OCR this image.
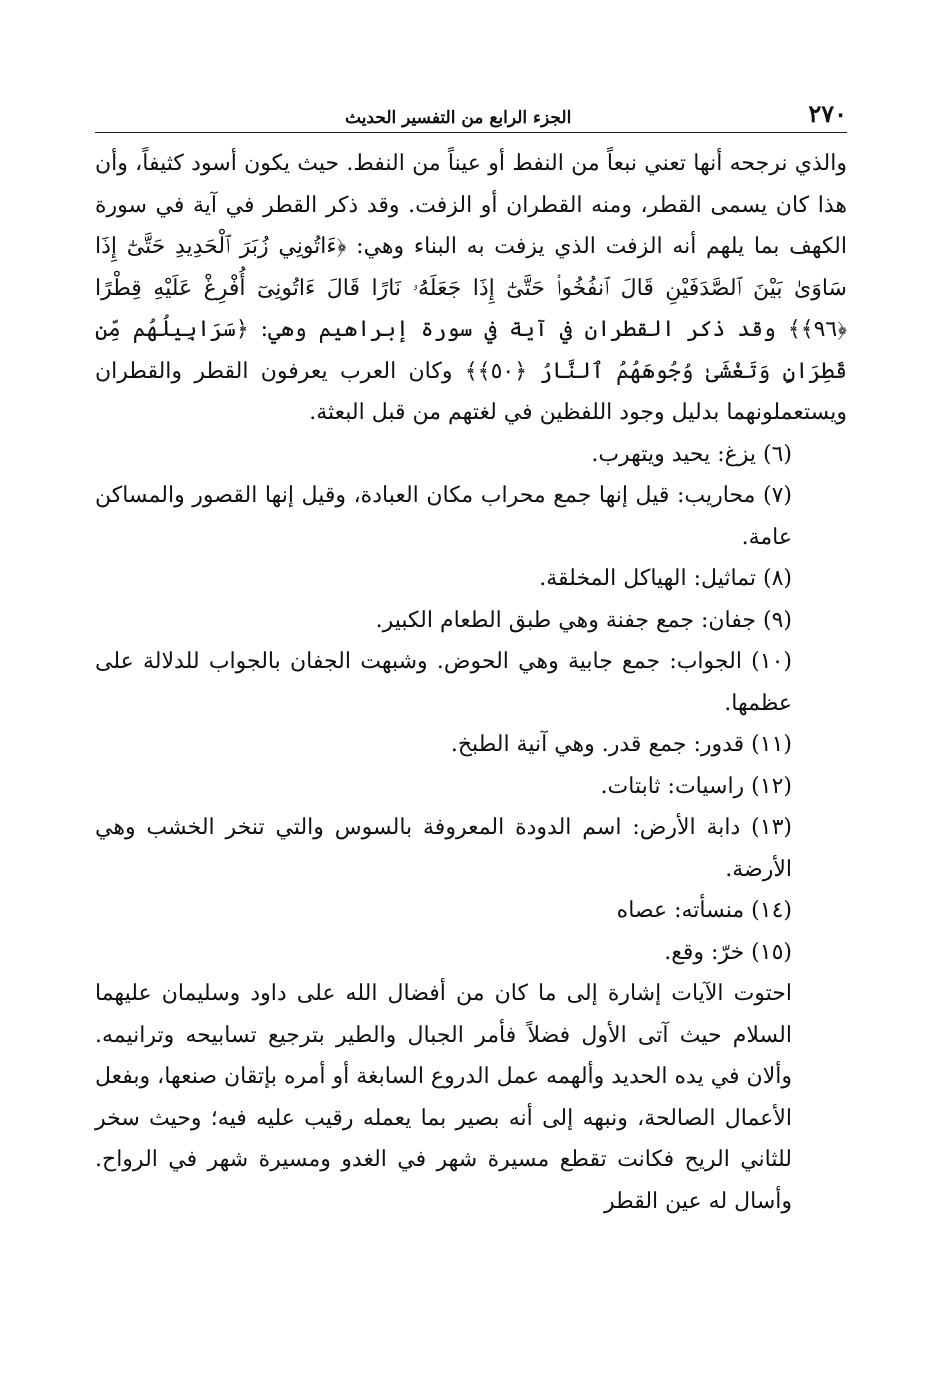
٢٧٠
الجزء الرابع من التفسير الحديث

والذي نرجحه أنها تعني نبعاً من النفط أو عيناً من النفط. حيث يكون أسود كثيفاً، وأن هذا كان يسمى القطر، ومنه القطران أو الزفت. وقد ذكر القطر في آية في سورة الكهف بما يلهم أنه الزفت الذي يزفت به البناء وهي: ﴿ءَاتُونِي زُبَرَ ٱلْحَدِيدِ حَتَّىٰٓ إِذَا سَاوَىٰ بَيْنَ ٱلصَّدَفَيْنِ قَالَ ٱنفُخُوا۟ حَتَّىٰٓ إِذَا جَعَلَهُۥ نَارًا قَالَ ءَاتُونِىٓ أُفْرِغْ عَلَيْهِ قِطْرًا ﴿٩٦﴾﴾ وقد ذكر القطران في آية في سورة إبراهيم وهي: ﴿سَرَابِيلُهُم مِّن قَطِرَانٍ وَتَغْشَىٰ وُجُوهَهُمُ ٱلنَّارُ ﴿٥٠﴾﴾ وكان العرب يعرفون القطر والقطران ويستعملونهما بدليل وجود اللفظين في لغتهم من قبل البعثة.

(٦) يزغ: يحيد ويتهرب.

(٧) محاريب: قيل إنها جمع محراب مكان العبادة، وقيل إنها القصور والمساكن عامة.

(٨) تماثيل: الهياكل المخلقة.

(٩) جفان: جمع جفنة وهي طبق الطعام الكبير.

(١٠) الجواب: جمع جابية وهي الحوض. وشبهت الجفان بالجواب للدلالة على عظمها.

(١١) قدور: جمع قدر. وهي آنية الطبخ.

(١٢) راسيات: ثابتات.

(١٣) دابة الأرض: اسم الدودة المعروفة بالسوس والتي تنخر الخشب وهي الأرضة.

(١٤) منسأته: عصاه

(١٥) خرّ: وقع.

احتوت الآيات إشارة إلى ما كان من أفضال الله على داود وسليمان عليهما السلام حيث آتى الأول فضلاً فأمر الجبال والطير بترجيع تسابيحه وترانيمه. وألان في يده الحديد وألهمه عمل الدروع السابغة أو أمره بإتقان صنعها، وبفعل الأعمال الصالحة، ونبهه إلى أنه بصير بما يعمله رقيب عليه فيه؛ وحيث سخر للثاني الريح فكانت تقطع مسيرة شهر في الغدو ومسيرة شهر في الرواح. وأسال له عين القطر
